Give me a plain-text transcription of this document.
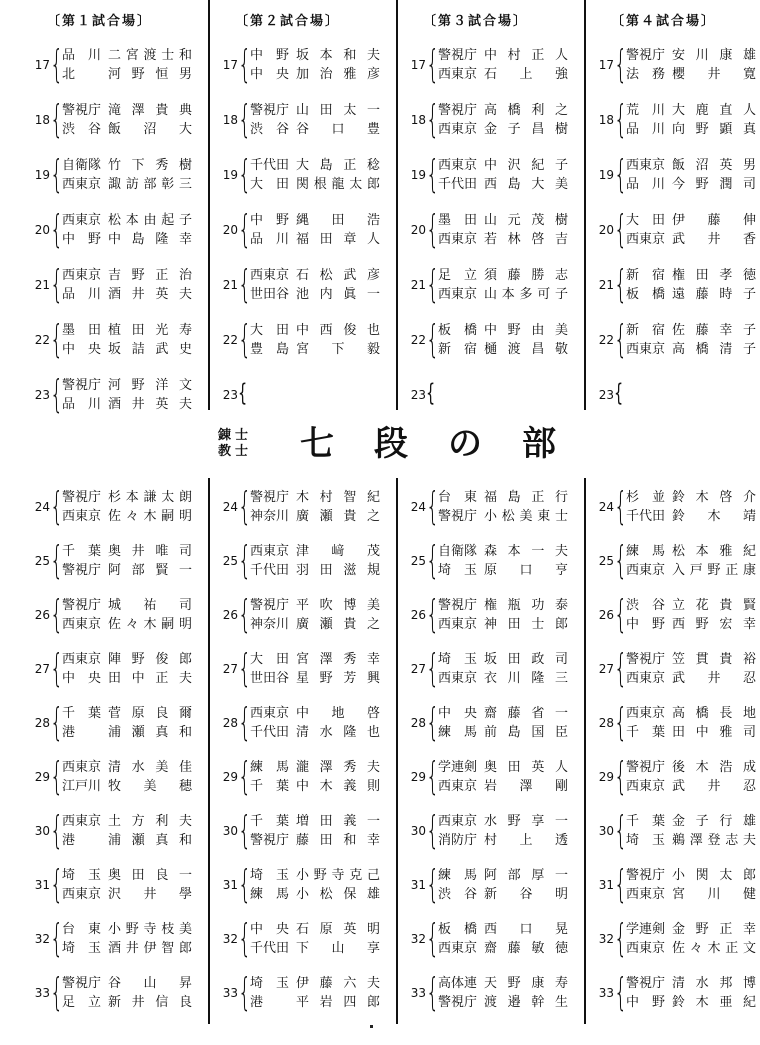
〔第１試合場〕
17 {
品　川 二宮渡士和
北	河野恒男
18 {
警視庁 滝澤貴典
渋　谷 飯沼大
19 {
自衛隊 竹下秀樹
西東京 諏訪部彰三
20 {
西東京 松本由起子
中　野 中島隆幸
21 {
西東京 吉野正治
品　川 酒井英夫
22 {
墨　田 植田光寿
中　央 坂詰武史
23 {
警視庁 河野洋文
品　川 酒井英夫
〔第２試合場〕
17 {
中　野 坂本和夫
中　央 加治雅彦
18 {
警視庁 山田太一
渋　谷 谷口豊
19 {
千代田 大島正稔
大　田 関根龍太郎
20 {
中　野 縄田浩
品　川 福田章人
21 {
西東京 石松武彦
世田谷 池内眞一
22 {
大　田 中西俊也
豊　島 宮下毅
23 {
〔第３試合場〕
17 {
警視庁 中村正人
西東京 石上強
18 {
警視庁 高橋利之
西東京 金子昌樹
19 {
西東京 中沢紀子
千代田 西島大美
20 {
墨　田 山元茂樹
西東京 若林啓吉
21 {
足　立 須藤勝志
西東京 山本多可子
22 {
板　橋 中野由美
新　宿 樋渡昌敬
23 {
〔第４試合場〕
17 {
警視庁 安川康雄
法　務 櫻井寛
18 {
荒　川 大鹿直人
品　川 向野顕真
19 {
西東京 飯沼英男
品　川 今野潤司
20 {
大　田 伊藤伸
西東京 武井香
21 {
新　宿 権田孝徳
板　橋 遠藤時子
22 {
新　宿 佐藤幸子
西東京 高橋清子
23 {
錬士
教士	七段の部
24 {
警視庁 杉本謙太朗
西東京 佐々木嗣明
25 {
千　葉 奥井唯司
警視庁 阿部賢一
26 {
警視庁 城祐司
西東京 佐々木嗣明
27 {
西東京 陣野俊郎
中　央 田中正夫
28 {
千　葉 菅原良爾
港	浦瀬真和
29 {
西東京 清水美佳
江戸川 牧美穂
30 {
西東京 土方利夫
港	浦瀬真和
31 {
埼　玉 奥田良一
西東京 沢井學
32 {
台　東 小野寺枝美
埼　玉 酒井伊智郎
33 {
警視庁 谷山昇
足　立 新井信良
24 {
警視庁 木村智紀
神奈川 廣瀬貴之
25 {
西東京 津﨑茂
千代田 羽田滋規
26 {
警視庁 平吹博美
神奈川 廣瀬貴之
27 {
大　田 宮澤秀幸
世田谷 星野芳興
28 {
西東京 中地啓
千代田 清水隆也
29 {
練　馬 瀧澤秀夫
千　葉 中木義則
30 {
千　葉 増田義一
警視庁 藤田和幸
31 {
埼　玉 小野寺克己
練　馬 小松保雄
32 {
中　央 石原英明
千代田 下山享
33 {
埼　玉 伊藤六夫
港	平岩四郎
24 {
台　東 福島正行
警視庁 小松美東士
25 {
自衛隊 森本一夫
埼　玉 原口亨
26 {
警視庁 権瓶功泰
西東京 神田士郎
27 {
埼　玉 坂田政司
西東京 衣川隆三
28 {
中　央 齋藤省一
練　馬 前島国臣
29 {
学連剣 奥田英人
西東京 岩澤剛
30 {
西東京 水野享一
消防庁 村上透
31 {
練　馬 阿部厚一
渋　谷 新谷明
32 {
板　橋 西口晃
西東京 齋藤敏徳
33 {
高体連 天野康寿
警視庁 渡邉幹生
24 {
杉　並 鈴木啓介
千代田 鈴木靖
25 {
練　馬 松本雅紀
西東京 入戸野正康
26 {
渋　谷 立花貴賢
中　野 西野宏幸
27 {
警視庁 笠貫貴裕
西東京 武井忍
28 {
西東京 高橋長地
千　葉 田中雅司
29 {
警視庁 後木浩成
西東京 武井忍
30 {
千　葉 金子行雄
埼　玉 鵜澤登志夫
31 {
警視庁 小関太郎
西東京 宮川健
32 {
学連剣 金野正幸
西東京 佐々木正文
33 {
警視庁 清水邦博
中　野 鈴木亜紀
